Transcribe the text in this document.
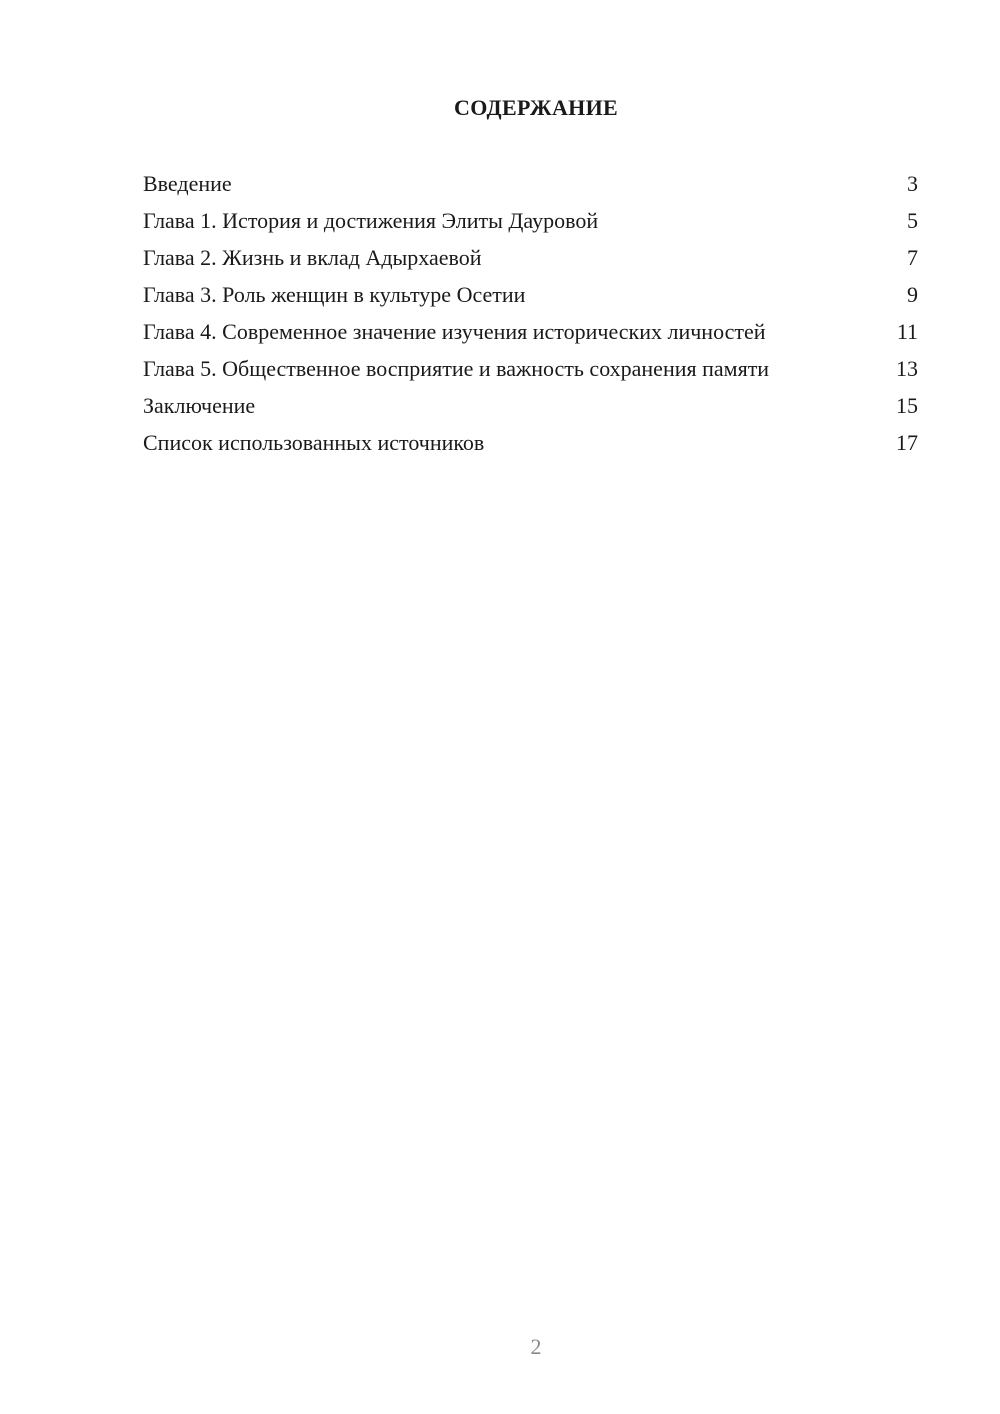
СОДЕРЖАНИЕ
Введение	3
Глава 1. История и достижения Элиты Дауровой	5
Глава 2. Жизнь и вклад Адырхаевой	7
Глава 3. Роль женщин в культуре Осетии	9
Глава 4. Современное значение изучения исторических личностей	11
Глава 5. Общественное восприятие и важность сохранения памяти	13
Заключение	15
Список использованных источников	17
2
